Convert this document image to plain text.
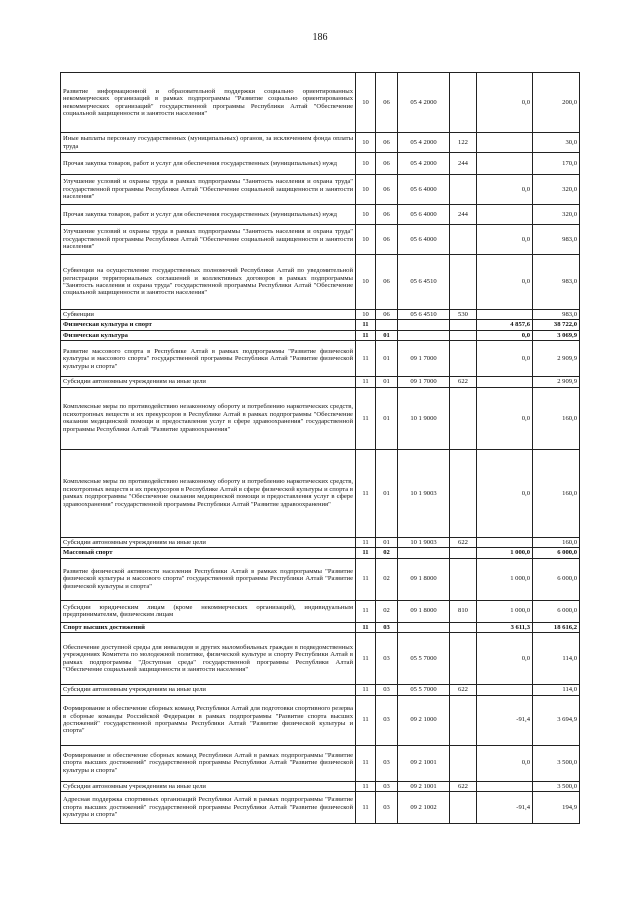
186
Развитие информационной и образовательной поддержки социально ориентированных некоммерческих организаций в рамках подпрограммы "Развитие социально ориентированных некоммерческих организаций" государственной программы Республики Алтай "Обеспечение социальной защищенности и занятости населения"	10	06	05 4 2000		0,0	200,0
Иные выплаты персоналу государственных (муниципальных) органов, за исключением фонда оплаты труда	10	06	05 4 2000	122		30,0
Прочая закупка товаров, работ и услуг для обеспечения государственных (муниципальных) нужд	10	06	05 4 2000	244		170,0
Улучшение условий и охраны труда в рамках подпрограммы "Занятость населения и охрана труда" государственной программы Республики Алтай "Обеспечение социальной защищенности и занятости населения"	10	06	05 6 4000		0,0	320,0
Прочая закупка товаров, работ и услуг для обеспечения государственных (муниципальных) нужд	10	06	05 6 4000	244		320,0
Улучшение условий и охраны труда в рамках подпрограммы "Занятость населения и охрана труда" государственной программы Республики Алтай "Обеспечение социальной защищенности и занятости населения"	10	06	05 6 4000		0,0	983,0
Субвенции на осуществление государственных полномочий Республики Алтай по уведомительной регистрации территориальных соглашений и коллективных договоров в рамках подпрограммы "Занятость населения и охрана труда" государственной программы Республики Алтай "Обеспечение социальной защищенности и занятости населения"	10	06	05 6 4510		0,0	983,0
Субвенции	10	06	05 6 4510	530		983,0
Физическая культура и спорт	11				4 857,6	38 722,0
Физическая культура	11	01			0,0	3 069,9
Развитие массового спорта в Республике Алтай в рамках подпрограммы "Развитие физической культуры и массового спорта" государственной программы Республики Алтай "Развитие физической культуры и спорта"	11	01	09 1 7000		0,0	2 909,9
Субсидии автономным учреждениям на иные цели	11	01	09 1 7000	622		2 909,9
Комплексные меры по противодействию незаконному обороту и потреблению наркотических средств, психотропных веществ и их прекурсоров в Республике Алтай в рамках подпрограммы "Обеспечение оказания медицинской помощи и предоставления услуг в сфере здравоохранения" государственной программы Республики Алтай "Развитие здравоохранения"	11	01	10 1 9000		0,0	160,0
Комплексные меры по противодействию незаконному обороту и потреблению наркотических средств, психотропных веществ и их прекурсоров в Республике Алтай в сфере физической культуры и спорта в рамках подпрограммы "Обеспечение оказания медицинской помощи и предоставления услуг в сфере здравоохранения" государственной программы Республики Алтай "Развитие здравоохранения"	11	01	10 1 9003		0,0	160,0
Субсидии автономным учреждениям на иные цели	11	01	10 1 9003	622		160,0
Массовый спорт	11	02			1 000,0	6 000,0
Развитие физической активности населения Республики Алтай в рамках подпрограммы "Развитие физической культуры и массового спорта" государственной программы Республики Алтай "Развитие физической культуры и спорта"	11	02	09 1 8000		1 000,0	6 000,0
Субсидии юридическим лицам (кроме некоммерческих организаций), индивидуальным предпринимателям, физическим лицам	11	02	09 1 8000	810	1 000,0	6 000,0
Спорт высших достижений	11	03			3 611,3	18 616,2
Обеспечение доступной среды для инвалидов и других маломобильных граждан в подведомственных учреждениях Комитета по молодежной политике, физической культуре и спорту Республики Алтай в рамках подпрограммы "Доступная среда" государственной программы Республики Алтай "Обеспечение социальной защищенности и занятости населения"	11	03	05 5 7000		0,0	114,0
Субсидии автономным учреждениям на иные цели	11	03	05 5 7000	622		114,0
Формирование и обеспечение сборных команд Республики Алтай для подготовки спортивного резерва в сборные команды Российской Федерации в рамках подпрограммы "Развитие спорта высших достижений" государственной программы Республики Алтай "Развитие физической культуры и спорта"	11	03	09 2 1000		-91,4	3 694,9
Формирование и обеспечение сборных команд Республики Алтай в рамках подпрограммы "Развитие спорта высших достижений" государственной программы Республики Алтай "Развитие физической культуры и спорта"	11	03	09 2 1001		0,0	3 500,0
Субсидии автономным учреждениям на иные цели	11	03	09 2 1001	622		3 500,0
Адресная поддержка спортивных организаций Республики Алтай в рамках подпрограммы "Развитие спорта высших достижений" государственной программы Республики Алтай "Развитие физической культуры и спорта"	11	03	09 2 1002		-91,4	194,9
